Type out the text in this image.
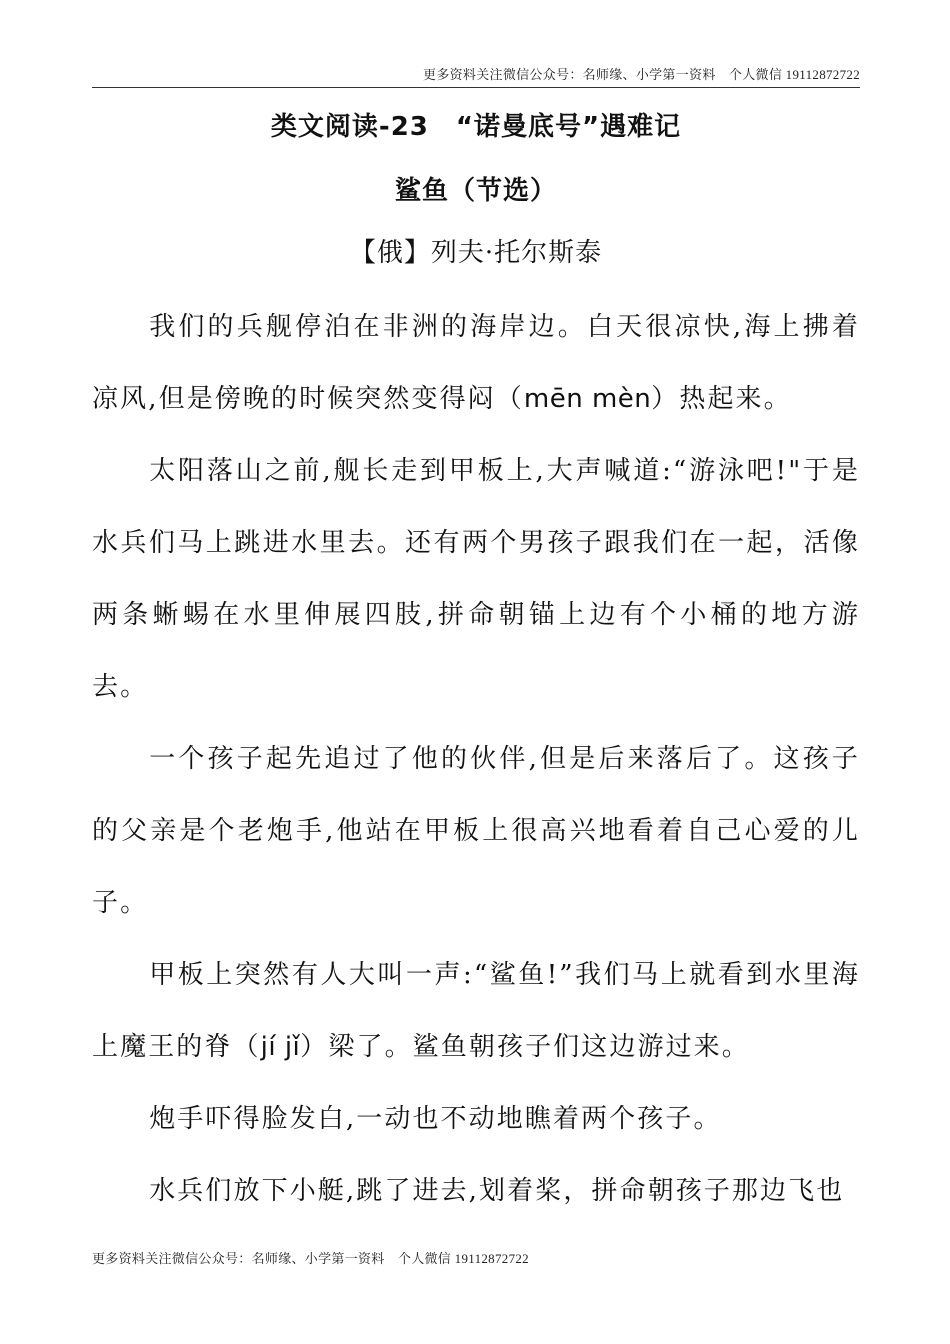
更多资料关注微信公众号：名师缘、小学第一资料　个人微信 19112872722
类文阅读-23　“诺曼底号”遇难记
鲨鱼（节选）
【俄】列夫·托尔斯泰

我们的兵舰停泊在非洲的海岸边。白天很凉快,海上拂着凉风,但是傍晚的时候突然变得闷（mēn mèn）热起来。

太阳落山之前,舰长走到甲板上,大声喊道:“游泳吧!"于是水兵们马上跳进水里去。还有两个男孩子跟我们在一起，活像两条蜥蜴在水里伸展四肢,拼命朝锚上边有个小桶的地方游去。

一个孩子起先追过了他的伙伴,但是后来落后了。这孩子的父亲是个老炮手,他站在甲板上很高兴地看着自己心爱的儿子。

甲板上突然有人大叫一声:“鲨鱼!”我们马上就看到水里海上魔王的脊（jí jǐ）梁了。鲨鱼朝孩子们这边游过来。

炮手吓得脸发白,一动也不动地瞧着两个孩子。

水兵们放下小艇,跳了进去,划着桨，拼命朝孩子那边飞也

更多资料关注微信公众号：名师缘、小学第一资料　个人微信 19112872722
